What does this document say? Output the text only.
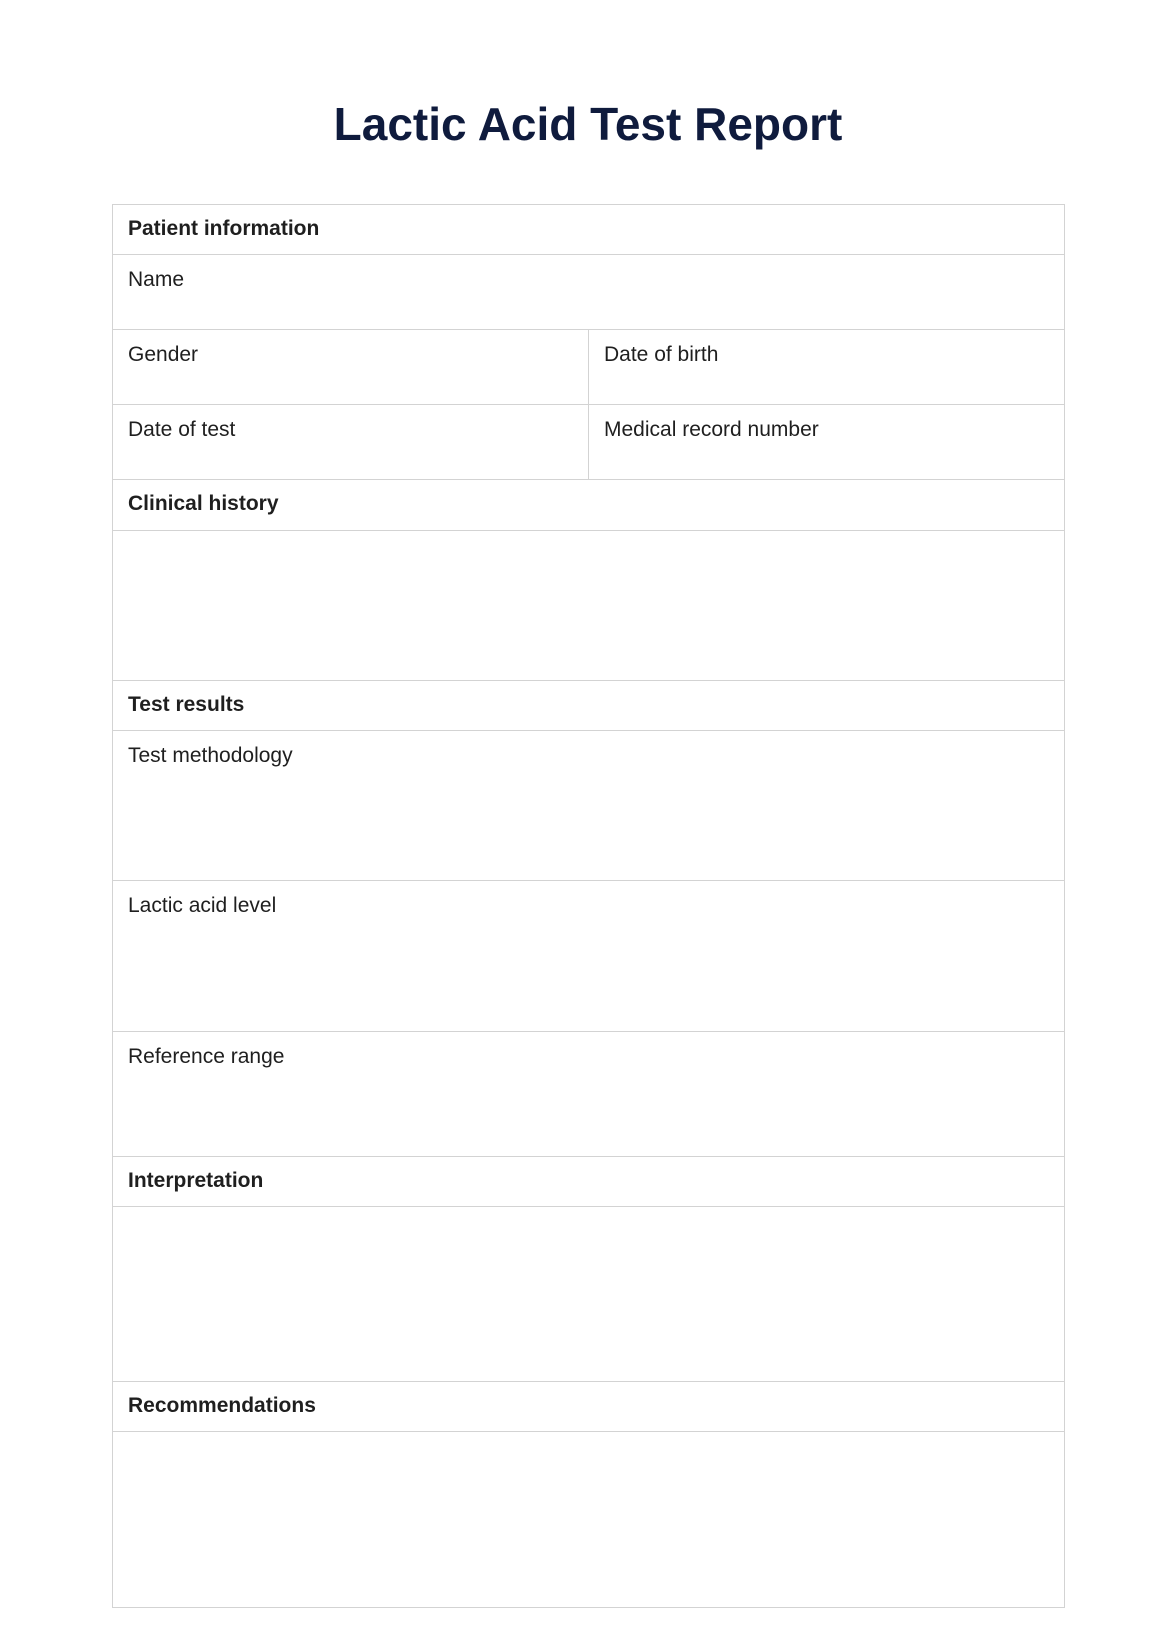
Lactic Acid Test Report
Patient information
Name
Gender	Date of birth
Date of test	Medical record number
Clinical history
Test results
Test methodology
Lactic acid level
Reference range
Interpretation
Recommendations
